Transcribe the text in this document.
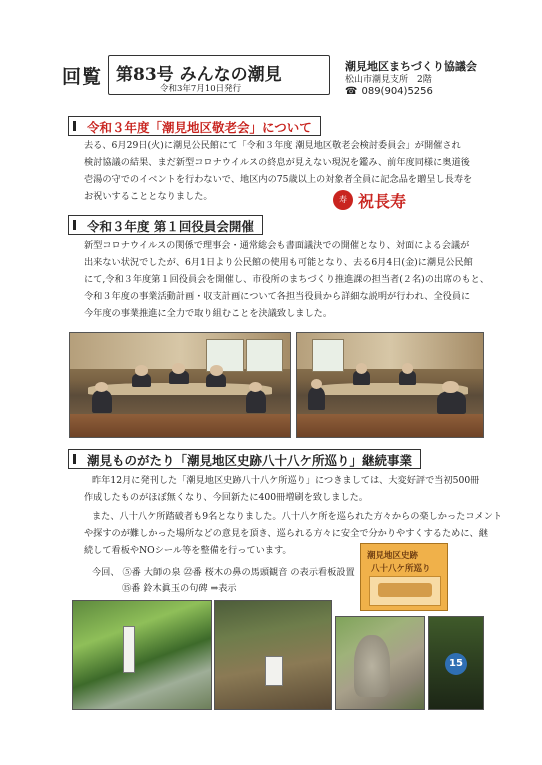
回覧 第83号 みんなの潮見
令和3年7月10日発行
潮見地区まちづくり協議会
松山市潮見支所　2階
☎ 089(904)5256
令和３年度「潮見地区敬老会」について
去る、6月29日(火)に潮見公民館にて「令和３年度 潮見地区敬老会検討委員会」が開催され
検討協議の結果、まだ新型コロナウイルスの終息が見えない現況を鑑み、前年度同様に奥道後
壱湯の守でのイベントを行わないで、地区内の75歳以上の対象者全員に記念品を贈呈し長寿を
お祝いすることとなりました。	寿 祝長寿
令和３年度 第１回役員会開催
新型コロナウイルスの関係で理事会・通常総会も書面議決での開催となり、対面による会議が
出来ない状況でしたが、6月1日より公民館の使用も可能となり、去る6月4日(金)に潮見公民館
にて,令和３年度第１回役員会を開催し、市役所のまちづくり推進課の担当者(２名)の出席のもと、
令和３年度の事業活動計画・収支計画について各担当役員から詳細な説明が行われ、全役員に
今年度の事業推進に全力で取り組むことを決議致しました。
潮見ものがたり「潮見地区史跡八十八ケ所巡り」継続事業
昨年12月に発刊した「潮見地区史跡八十八ケ所巡り」につきましては、大変好評で当初500冊
作成したものがほぼ無くなり、今回新たに400冊増刷を致しました。
また、八十八ケ所踏破者も9名となりました。八十八ケ所を巡られた方々からの楽しかったコメント
や探すのが難しかった場所などの意見を頂き、巡られる方々に安全で分かりやすくするために、継
続して看板やNOシール等を整備を行っています。
今回、 ⑤番 大師の泉 ㉒番 桜木の鼻の馬頭観音 の表示看板設置
⑮番 鈴木眞玉の句碑 ⇒表示
潮見地区史跡
八十八ケ所巡り
15
